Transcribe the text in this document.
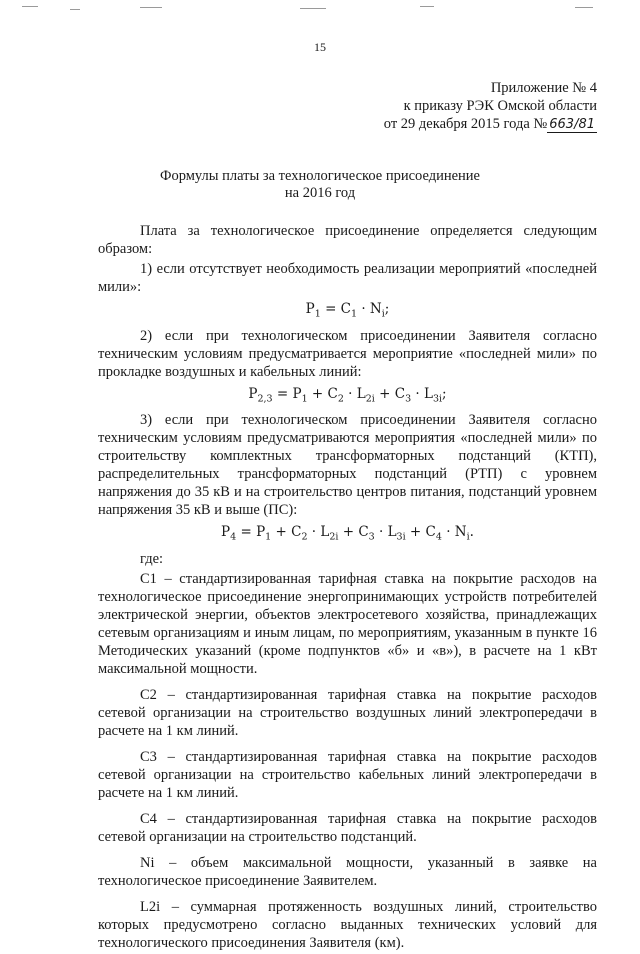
15
Приложение № 4
к приказу РЭК Омской области
от 29 декабря 2015 года № 663/81
Формулы платы за технологическое присоединение
на 2016 год

Плата за технологическое присоединение определяется следующим образом:

1) если отсутствует необходимость реализации мероприятий «последней мили»:

$P_1 = C_1 \cdot N_i$;

2) если при технологическом присоединении Заявителя согласно техническим условиям предусматривается мероприятие «последней мили» по прокладке воздушных и кабельных линий:

$P_{2,3} = P_1 + C_2 \cdot L_{2i} + C_3 \cdot L_{3i}$;

3) если при технологическом присоединении Заявителя согласно техническим условиям предусматриваются мероприятия «последней мили» по строительству комплектных трансформаторных подстанций (КТП), распределительных трансформаторных подстанций (РТП) с уровнем напряжения до 35 кВ и на строительство центров питания, подстанций уровнем напряжения 35 кВ и выше (ПС):

$P_4 = P_1 + C_2 \cdot L_{2i} + C_3 \cdot L_{3i} + C_4 \cdot N_i$.

где:

С1 – стандартизированная тарифная ставка на покрытие расходов на технологическое присоединение энергопринимающих устройств потребителей электрической энергии, объектов электросетевого хозяйства, принадлежащих сетевым организациям и иным лицам, по мероприятиям, указанным в пункте 16 Методических указаний (кроме подпунктов «б» и «в»), в расчете на 1 кВт максимальной мощности.

С2 – стандартизированная тарифная ставка на покрытие расходов сетевой организации на строительство воздушных линий электропередачи в расчете на 1 км линий.

С3 – стандартизированная тарифная ставка на покрытие расходов сетевой организации на строительство кабельных линий электропередачи в расчете на 1 км линий.

С4 – стандартизированная тарифная ставка на покрытие расходов сетевой организации на строительство подстанций.

Ni – объем максимальной мощности, указанный в заявке на технологическое присоединение Заявителем.

L2i – суммарная протяженность воздушных линий, строительство которых предусмотрено согласно выданных технических условий для технологического присоединения Заявителя (км).
